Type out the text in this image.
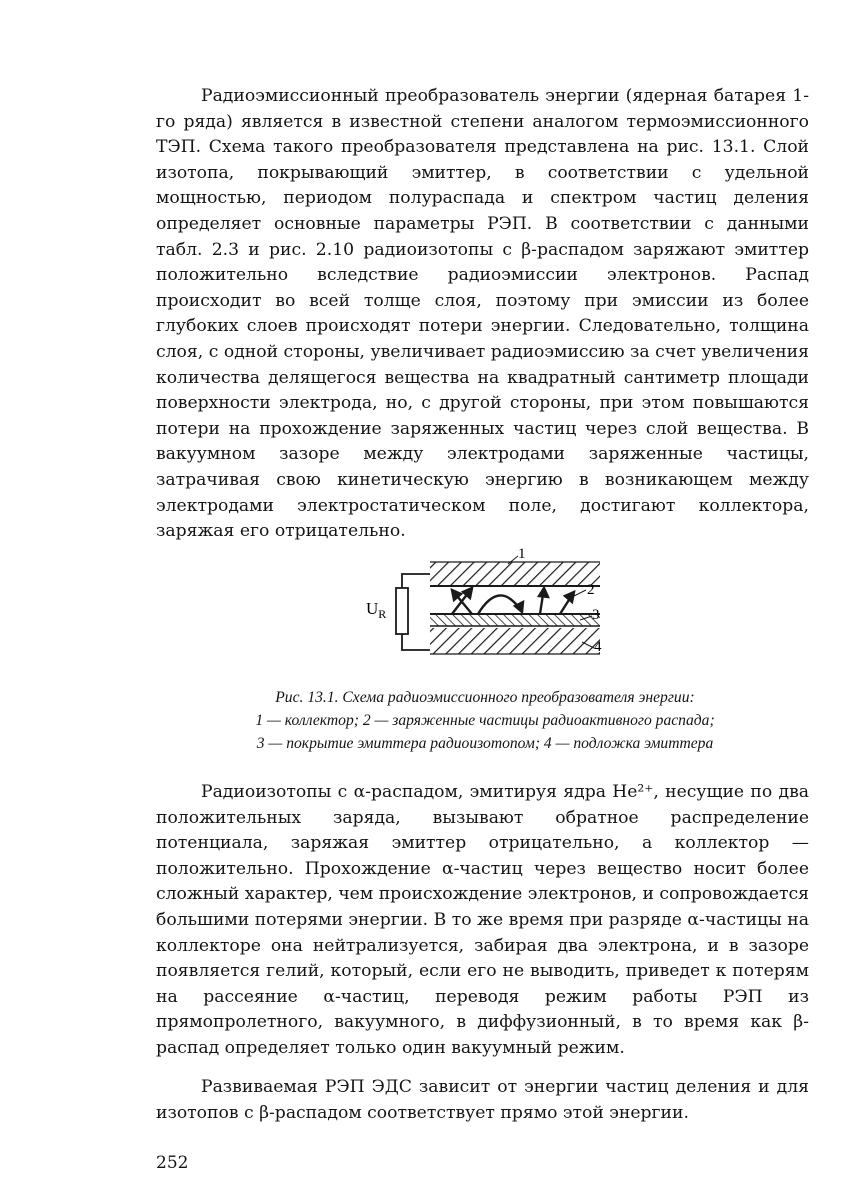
Радиоэмиссионный преобразователь энергии (ядерная батарея 1-го ряда) является в известной степени аналогом термоэмиссионного ТЭП. Схема такого преобразователя представлена на рис. 13.1. Слой изотопа, покрывающий эмиттер, в соответствии с удельной мощностью, периодом полураспада и спектром частиц деления определяет основные параметры РЭП. В соответствии с данными табл. 2.3 и рис. 2.10 радиоизотопы с β-распадом заряжают эмиттер положительно вследствие радиоэмиссии электронов. Распад происходит во всей толще слоя, поэтому при эмиссии из более глубоких слоев происходят потери энергии. Следовательно, толщина слоя, с одной стороны, увеличивает радиоэмиссию за счет увеличения количества делящегося вещества на квадратный сантиметр площади поверхности электрода, но, с другой стороны, при этом повышаются потери на прохождение заряженных частиц через слой вещества. В вакуумном зазоре между электродами заряженные частицы, затрачивая свою кинетическую энергию в возникающем между электродами электростатическом поле, достигают коллектора, заряжая его отрицательно.

$U_R$
1
2
3
4

Рис. 13.1. Схема радиоэмиссионного преобразователя энергии:
1 — коллектор; 2 — заряженные частицы радиоактивного распада;
3 — покрытие эмиттера радиоизотопом; 4 — подложка эмиттера

Радиоизотопы с α-распадом, эмитируя ядра He²⁺, несущие по два положительных заряда, вызывают обратное распределение потенциала, заряжая эмиттер отрицательно, а коллектор — положительно. Прохождение α-частиц через вещество носит более сложный характер, чем происхождение электронов, и сопровождается большими потерями энергии. В то же время при разряде α-частицы на коллекторе она нейтрализуется, забирая два электрона, и в зазоре появляется гелий, который, если его не выводить, приведет к потерям на рассеяние α-частиц, переводя режим работы РЭП из прямопролетного, вакуумного, в диффузионный, в то время как β-распад определяет только один вакуумный режим.

Развиваемая РЭП ЭДС зависит от энергии частиц деления и для изотопов с β-распадом соответствует прямо этой энергии.

252
